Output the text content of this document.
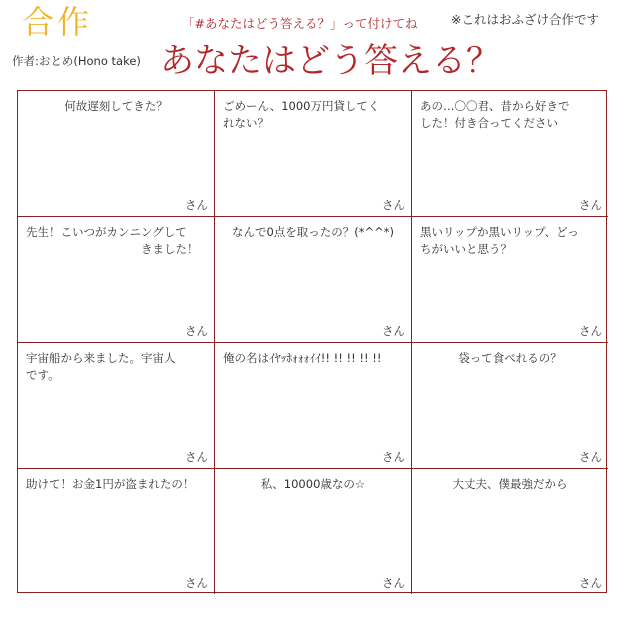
合作
作者:おとめ(Hono take)
「#あなたはどう答える？」って付けてね	※これはおふざけ合作です
あなたはどう答える？
何故遅刻してきた？
さん
ごめーん、1000万円貸してく
れない？
さん
あの…〇〇君、昔から好きで
した！付き合ってください
さん
先生！こいつがカンニングして
　　　　　　　　　　きました！
さん
なんで0点を取ったの？(*^^*)
さん
黒いリップか黒いリップ、どっ
ちがいいと思う？
さん
宇宙船から来ました。宇宙人
です。
さん
俺の名はｲﾔｯﾎｫｫｫｲｲ!! !! !! !! !!
さん
袋って食べれるの？
さん
助けて！お金1円が盗まれたの！
さん
私、10000歳なの☆
さん
大丈夫、僕最強だから
さん
